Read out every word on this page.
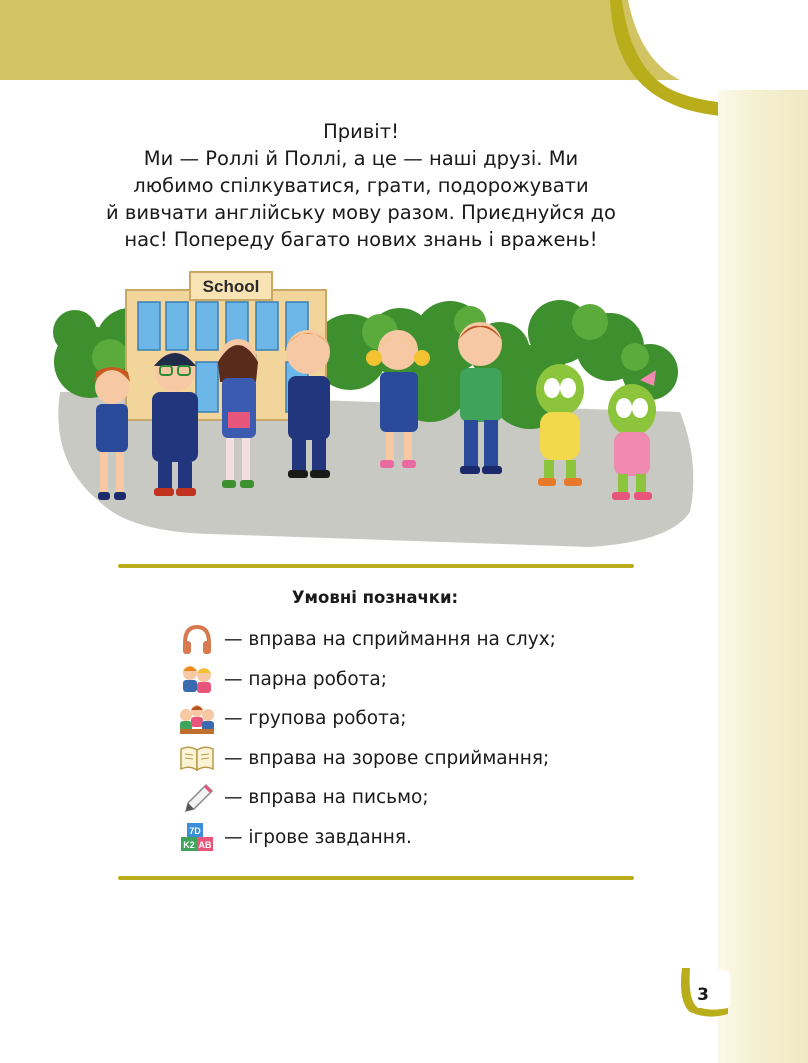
Привіт!

Ми — Роллі й Поллі, а це — наші друзі. Ми

любимо спілкуватися, грати, подорожувати

й вивчати англійську мову разом. Приєднуйся до

нас! Попереду багато нових знань і вражень!

School
Умовні позначки:
— вправа на сприймання на слух;
— парна робота;
— групова робота;
— вправа на зорове сприймання;
— вправа на письмо;
7D
K2 AB — ігрове завдання.
3
